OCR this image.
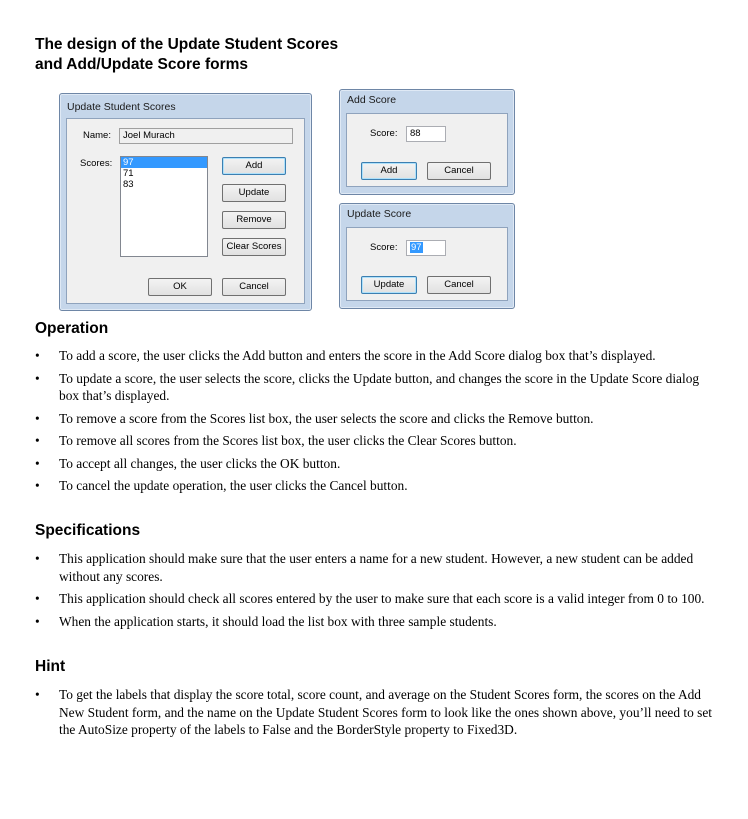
The design of the Update Student Scores
and Add/Update Score forms
Update Student Scores
Name:	Joel Murach
Scores: 97
71
83
Add
Update
Remove
Clear Scores
OK	Cancel
Add Score
Score:	88
Add	Cancel
Update Score
Score:	97
Update	Cancel
Operation
• To add a score, the user clicks the Add button and enters the score in the Add Score dialog box that’s displayed.
• To update a score, the user selects the score, clicks the Update button, and changes the score in the Update Score dialog box that’s displayed.
• To remove a score from the Scores list box, the user selects the score and clicks the Remove button.
• To remove all scores from the Scores list box, the user clicks the Clear Scores button.
• To accept all changes, the user clicks the OK button.
• To cancel the update operation, the user clicks the Cancel button.
Specifications
• This application should make sure that the user enters a name for a new student. However, a new student can be added without any scores.
• This application should check all scores entered by the user to make sure that each score is a valid integer from 0 to 100.
• When the application starts, it should load the list box with three sample students.
Hint
• To get the labels that display the score total, score count, and average on the Student Scores form, the scores on the Add New Student form, and the name on the Update Student Scores form to look like the ones shown above, you’ll need to set the AutoSize property of the labels to False and the BorderStyle property to Fixed3D.
